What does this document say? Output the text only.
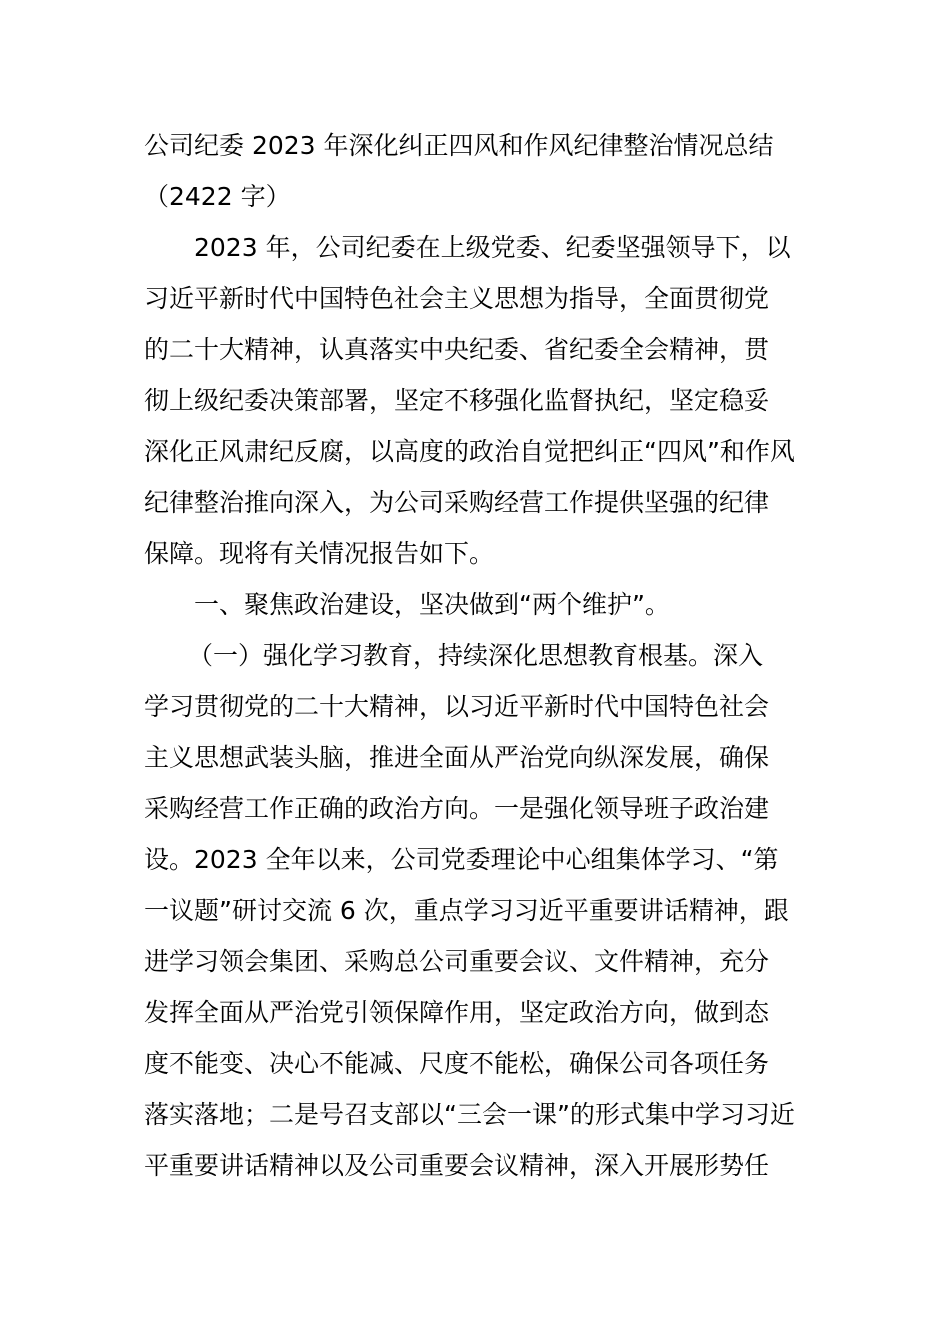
公司纪委 2023 年深化纠正四风和作风纪律整治情况总结
（2422 字）
2023 年，公司纪委在上级党委、纪委坚强领导下，以
习近平新时代中国特色社会主义思想为指导，全面贯彻党
的二十大精神，认真落实中央纪委、省纪委全会精神，贯
彻上级纪委决策部署，坚定不移强化监督执纪，坚定稳妥
深化正风肃纪反腐，以高度的政治自觉把纠正“四风”和作风
纪律整治推向深入，为公司采购经营工作提供坚强的纪律
保障。现将有关情况报告如下。
一、聚焦政治建设，坚决做到“两个维护”。
（一）强化学习教育，持续深化思想教育根基。深入
学习贯彻党的二十大精神，以习近平新时代中国特色社会
主义思想武装头脑，推进全面从严治党向纵深发展，确保
采购经营工作正确的政治方向。一是强化领导班子政治建
设。2023 全年以来，公司党委理论中心组集体学习、“第
一议题”研讨交流 6 次，重点学习习近平重要讲话精神，跟
进学习领会集团、采购总公司重要会议、文件精神，充分
发挥全面从严治党引领保障作用，坚定政治方向，做到态
度不能变、决心不能减、尺度不能松，确保公司各项任务
落实落地；二是号召支部以“三会一课”的形式集中学习习近
平重要讲话精神以及公司重要会议精神，深入开展形势任
